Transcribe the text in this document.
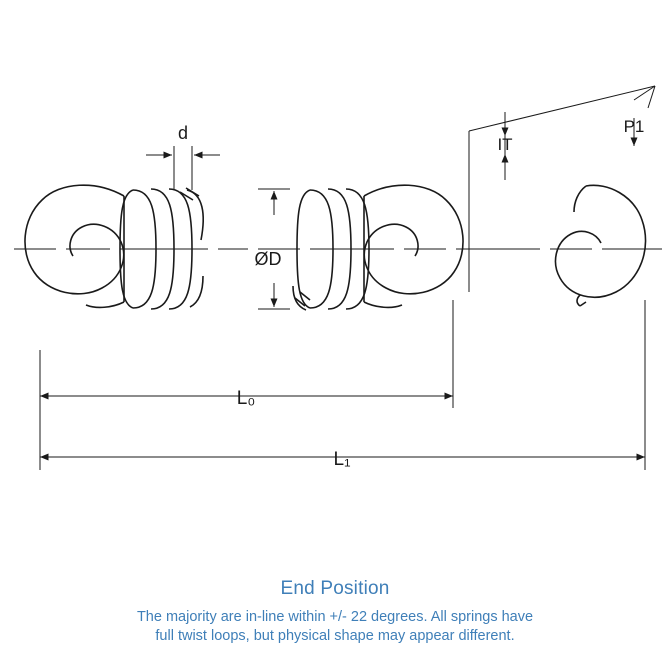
d
ØD
IT
P1
L₀
L₁
End Position
The majority are in-line within +/- 22 degrees. All springs have
full twist loops, but physical shape may appear different.
